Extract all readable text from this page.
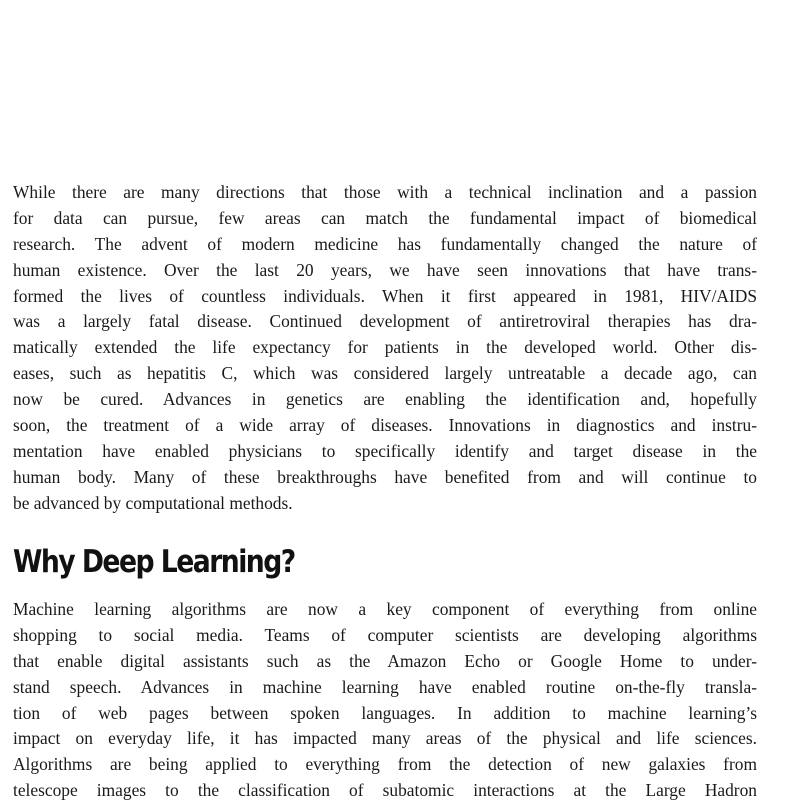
While there are many directions that those with a technical inclination and a passion
for data can pursue, few areas can match the fundamental impact of biomedical
research. The advent of modern medicine has fundamentally changed the nature of
human existence. Over the last 20 years, we have seen innovations that have trans-
formed the lives of countless individuals. When it first appeared in 1981, HIV/AIDS
was a largely fatal disease. Continued development of antiretroviral therapies has dra-
matically extended the life expectancy for patients in the developed world. Other dis-
eases, such as hepatitis C, which was considered largely untreatable a decade ago, can
now be cured. Advances in genetics are enabling the identification and, hopefully
soon, the treatment of a wide array of diseases. Innovations in diagnostics and instru-
mentation have enabled physicians to specifically identify and target disease in the
human body. Many of these breakthroughs have benefited from and will continue to
be advanced by computational methods.
Why Deep Learning?
Machine learning algorithms are now a key component of everything from online
shopping to social media. Teams of computer scientists are developing algorithms
that enable digital assistants such as the Amazon Echo or Google Home to under-
stand speech. Advances in machine learning have enabled routine on-the-fly transla-
tion of web pages between spoken languages. In addition to machine learning’s
impact on everyday life, it has impacted many areas of the physical and life sciences.
Algorithms are being applied to everything from the detection of new galaxies from
telescope images to the classification of subatomic interactions at the Large Hadron
